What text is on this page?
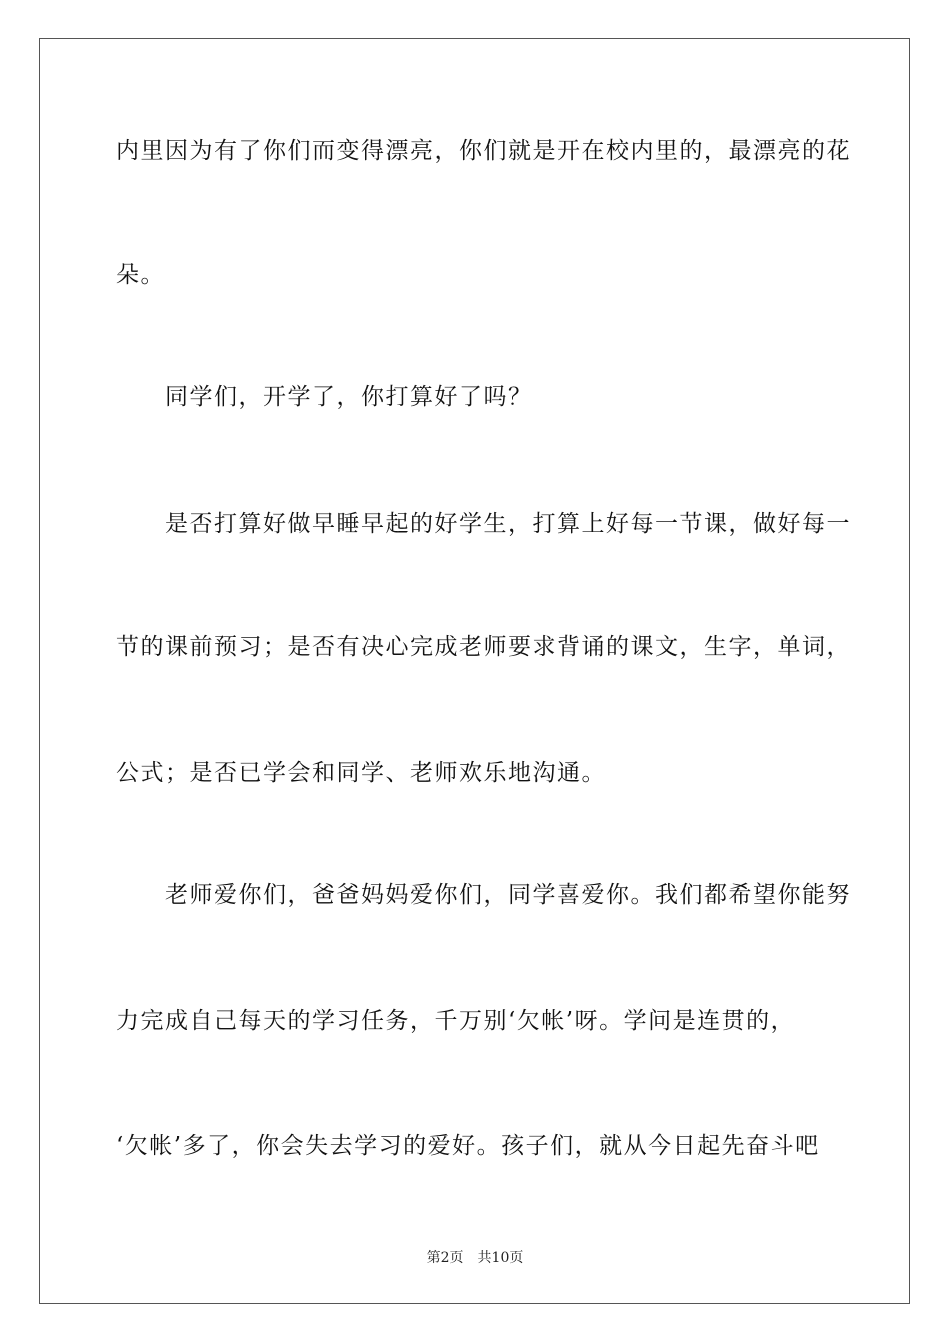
内里因为有了你们而变得漂亮，你们就是开在校内里的，最漂亮的花
朵。
　　同学们，开学了，你打算好了吗？
　　是否打算好做早睡早起的好学生，打算上好每一节课，做好每一
节的课前预习；是否有决心完成老师要求背诵的课文，生字，单词，
公式；是否已学会和同学、老师欢乐地沟通。
　　老师爱你们，爸爸妈妈爱你们，同学喜爱你。我们都希望你能努
力完成自己每天的学习任务，千万别‘欠帐’呀。学问是连贯的，
‘欠帐’多了，你会失去学习的爱好。孩子们，就从今日起先奋斗吧
第2页　共10页
